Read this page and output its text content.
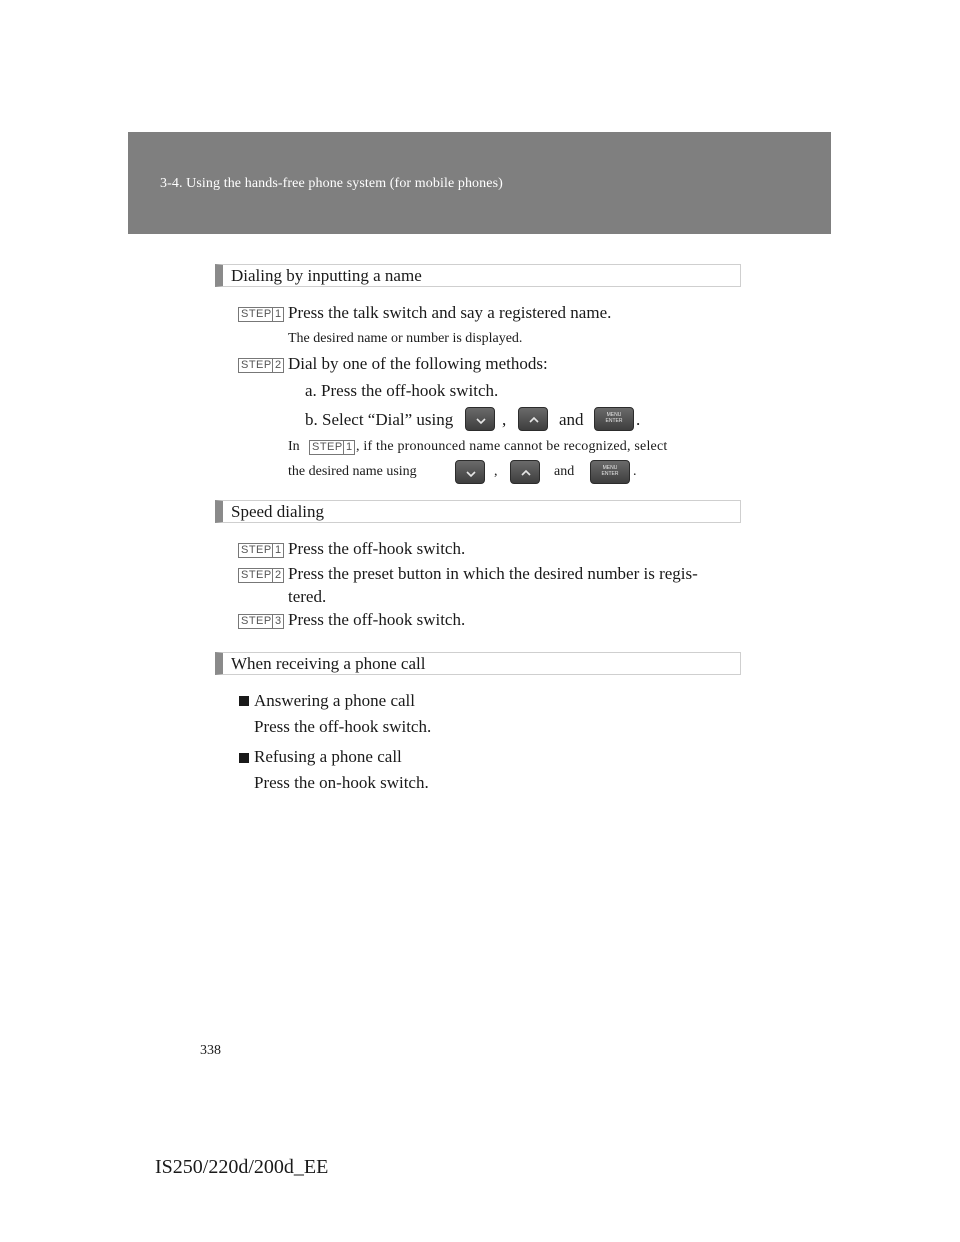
3-4. Using the hands-free phone system (for mobile phones)
Dialing by inputting a name
STEP 1 Press the talk switch and say a registered name.
The desired name or number is displayed.
STEP 2 Dial by one of the following methods:
a. Press the off-hook switch.
b. Select “Dial” using	,	and	MENU
ENTER .
In STEP 1 , if the pronounced name cannot be recognized, select
the desired name using	,	and	MENU
ENTER	.
Speed dialing
STEP 1 Press the off-hook switch.
STEP 2 Press the preset button in which the desired number is regis-
tered.
STEP 3 Press the off-hook switch.
When receiving a phone call
Answering a phone call
Press the off-hook switch.
Refusing a phone call
Press the on-hook switch.
338
IS250/220d/200d_EE
